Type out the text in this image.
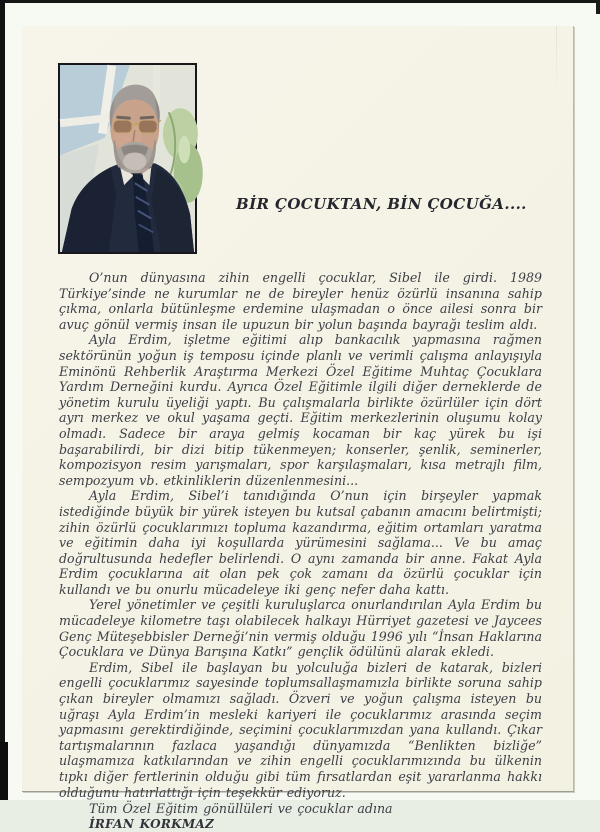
BİR ÇOCUKTAN, BİN ÇOCUĞA....

O’nun dünyasına zihin engelli çocuklar, Sibel ile girdi. 1989 Türkiye’sinde ne kurumlar ne de bireyler henüz özürlü insanına sahip çıkma, onlarla bütünleşme erdemine ulaşmadan o önce ailesi sonra bir avuç gönül vermiş insan ile upuzun bir yolun başında bayrağı teslim aldı.

Ayla Erdim, işletme eğitimi alıp bankacılık yapmasına rağmen sektörünün yoğun iş temposu içinde planlı ve verimli çalışma anlayışıyla Eminönü Rehberlik Araştırma Merkezi Özel Eğitime Muhtaç Çocuklara Yardım Derneğini kurdu. Ayrıca Özel Eğitimle ilgili diğer derneklerde de yönetim kurulu üyeliği yaptı. Bu çalışmalarla birlikte özürlüler için dört ayrı merkez ve okul yaşama geçti. Eğitim merkezlerinin oluşumu kolay olmadı. Sadece bir araya gelmiş kocaman bir kaç yürek bu işi başarabilirdi, bir dizi bitip tükenmeyen; konserler, şenlik, seminerler, kompozisyon resim yarışmaları, spor karşılaşmaları, kısa metrajlı film, sempozyum vb. etkinliklerin düzenlenmesini...

Ayla Erdim, Sibel’i tanıdığında O’nun için birşeyler yapmak istediğinde büyük bir yürek isteyen bu kutsal çabanın amacını belirtmişti; zihin özürlü çocuklarımızı topluma kazandırma, eğitim ortamları yaratma ve eğitimin daha iyi koşullarda yürümesini sağlama... Ve bu amaç doğrultusunda hedefler belirlendi. O aynı zamanda bir anne. Fakat Ayla Erdim çocuklarına ait olan pek çok zamanı da özürlü çocuklar için kullandı ve bu onurlu mücadeleye iki genç nefer daha kattı.

Yerel yönetimler ve çeşitli kuruluşlarca onurlandırılan Ayla Erdim bu mücadeleye kilometre taşı olabilecek halkayı Hürriyet gazetesi ve Jaycees Genç Müteşebbisler Derneği’nin vermiş olduğu 1996 yılı “İnsan Haklarına Çocuklara ve Dünya Barışına Katkı” gençlik ödülünü alarak ekledi.

Erdim, Sibel ile başlayan bu yolculuğa bizleri de katarak, bizleri engelli çocuklarımız sayesinde toplumsallaşmamızla birlikte soruna sahip çıkan bireyler olmamızı sağladı. Özveri ve yoğun çalışma isteyen bu uğraşı Ayla Erdim’in mesleki kariyeri ile çocuklarımız arasında seçim yapmasını gerektirdiğinde, seçimini çocuklarımızdan yana kullandı. Çıkar tartışmalarının fazlaca yaşandığı dünyamızda “Benlikten bizliğe” ulaşmamıza katkılarından ve zihin engelli çocuklarımızında bu ülkenin tıpkı diğer fertlerinin olduğu gibi tüm fırsatlardan eşit yararlanma hakkı olduğunu hatırlattığı için teşekkür ediyoruz.

Tüm Özel Eğitim gönüllüleri ve çocuklar adına

İRFAN KORKMAZ
